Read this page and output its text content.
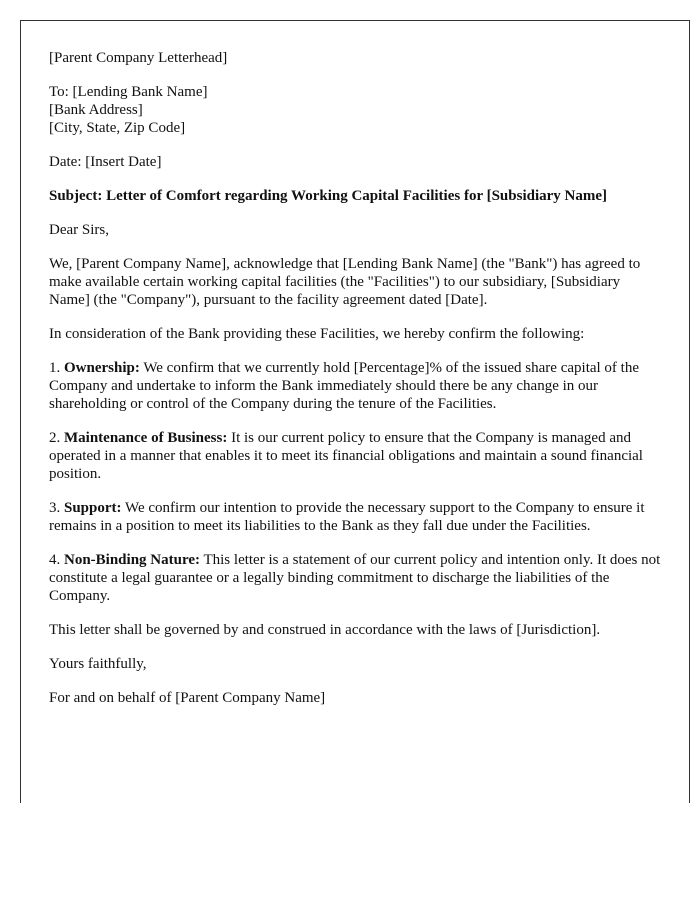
[Parent Company Letterhead]

To: [Lending Bank Name]
[Bank Address]
[City, State, Zip Code]

Date: [Insert Date]

Subject: Letter of Comfort regarding Working Capital Facilities for [Subsidiary Name]

Dear Sirs,

We, [Parent Company Name], acknowledge that [Lending Bank Name] (the "Bank") has agreed to make available certain working capital facilities (the "Facilities") to our subsidiary, [Subsidiary Name] (the "Company"), pursuant to the facility agreement dated [Date].

In consideration of the Bank providing these Facilities, we hereby confirm the following:

1. Ownership: We confirm that we currently hold [Percentage]% of the issued share capital of the Company and undertake to inform the Bank immediately should there be any change in our shareholding or control of the Company during the tenure of the Facilities.

2. Maintenance of Business: It is our current policy to ensure that the Company is managed and operated in a manner that enables it to meet its financial obligations and maintain a sound financial position.

3. Support: We confirm our intention to provide the necessary support to the Company to ensure it remains in a position to meet its liabilities to the Bank as they fall due under the Facilities.

4. Non-Binding Nature: This letter is a statement of our current policy and intention only. It does not constitute a legal guarantee or a legally binding commitment to discharge the liabilities of the Company.

This letter shall be governed by and construed in accordance with the laws of [Jurisdiction].

Yours faithfully,

For and on behalf of [Parent Company Name]
